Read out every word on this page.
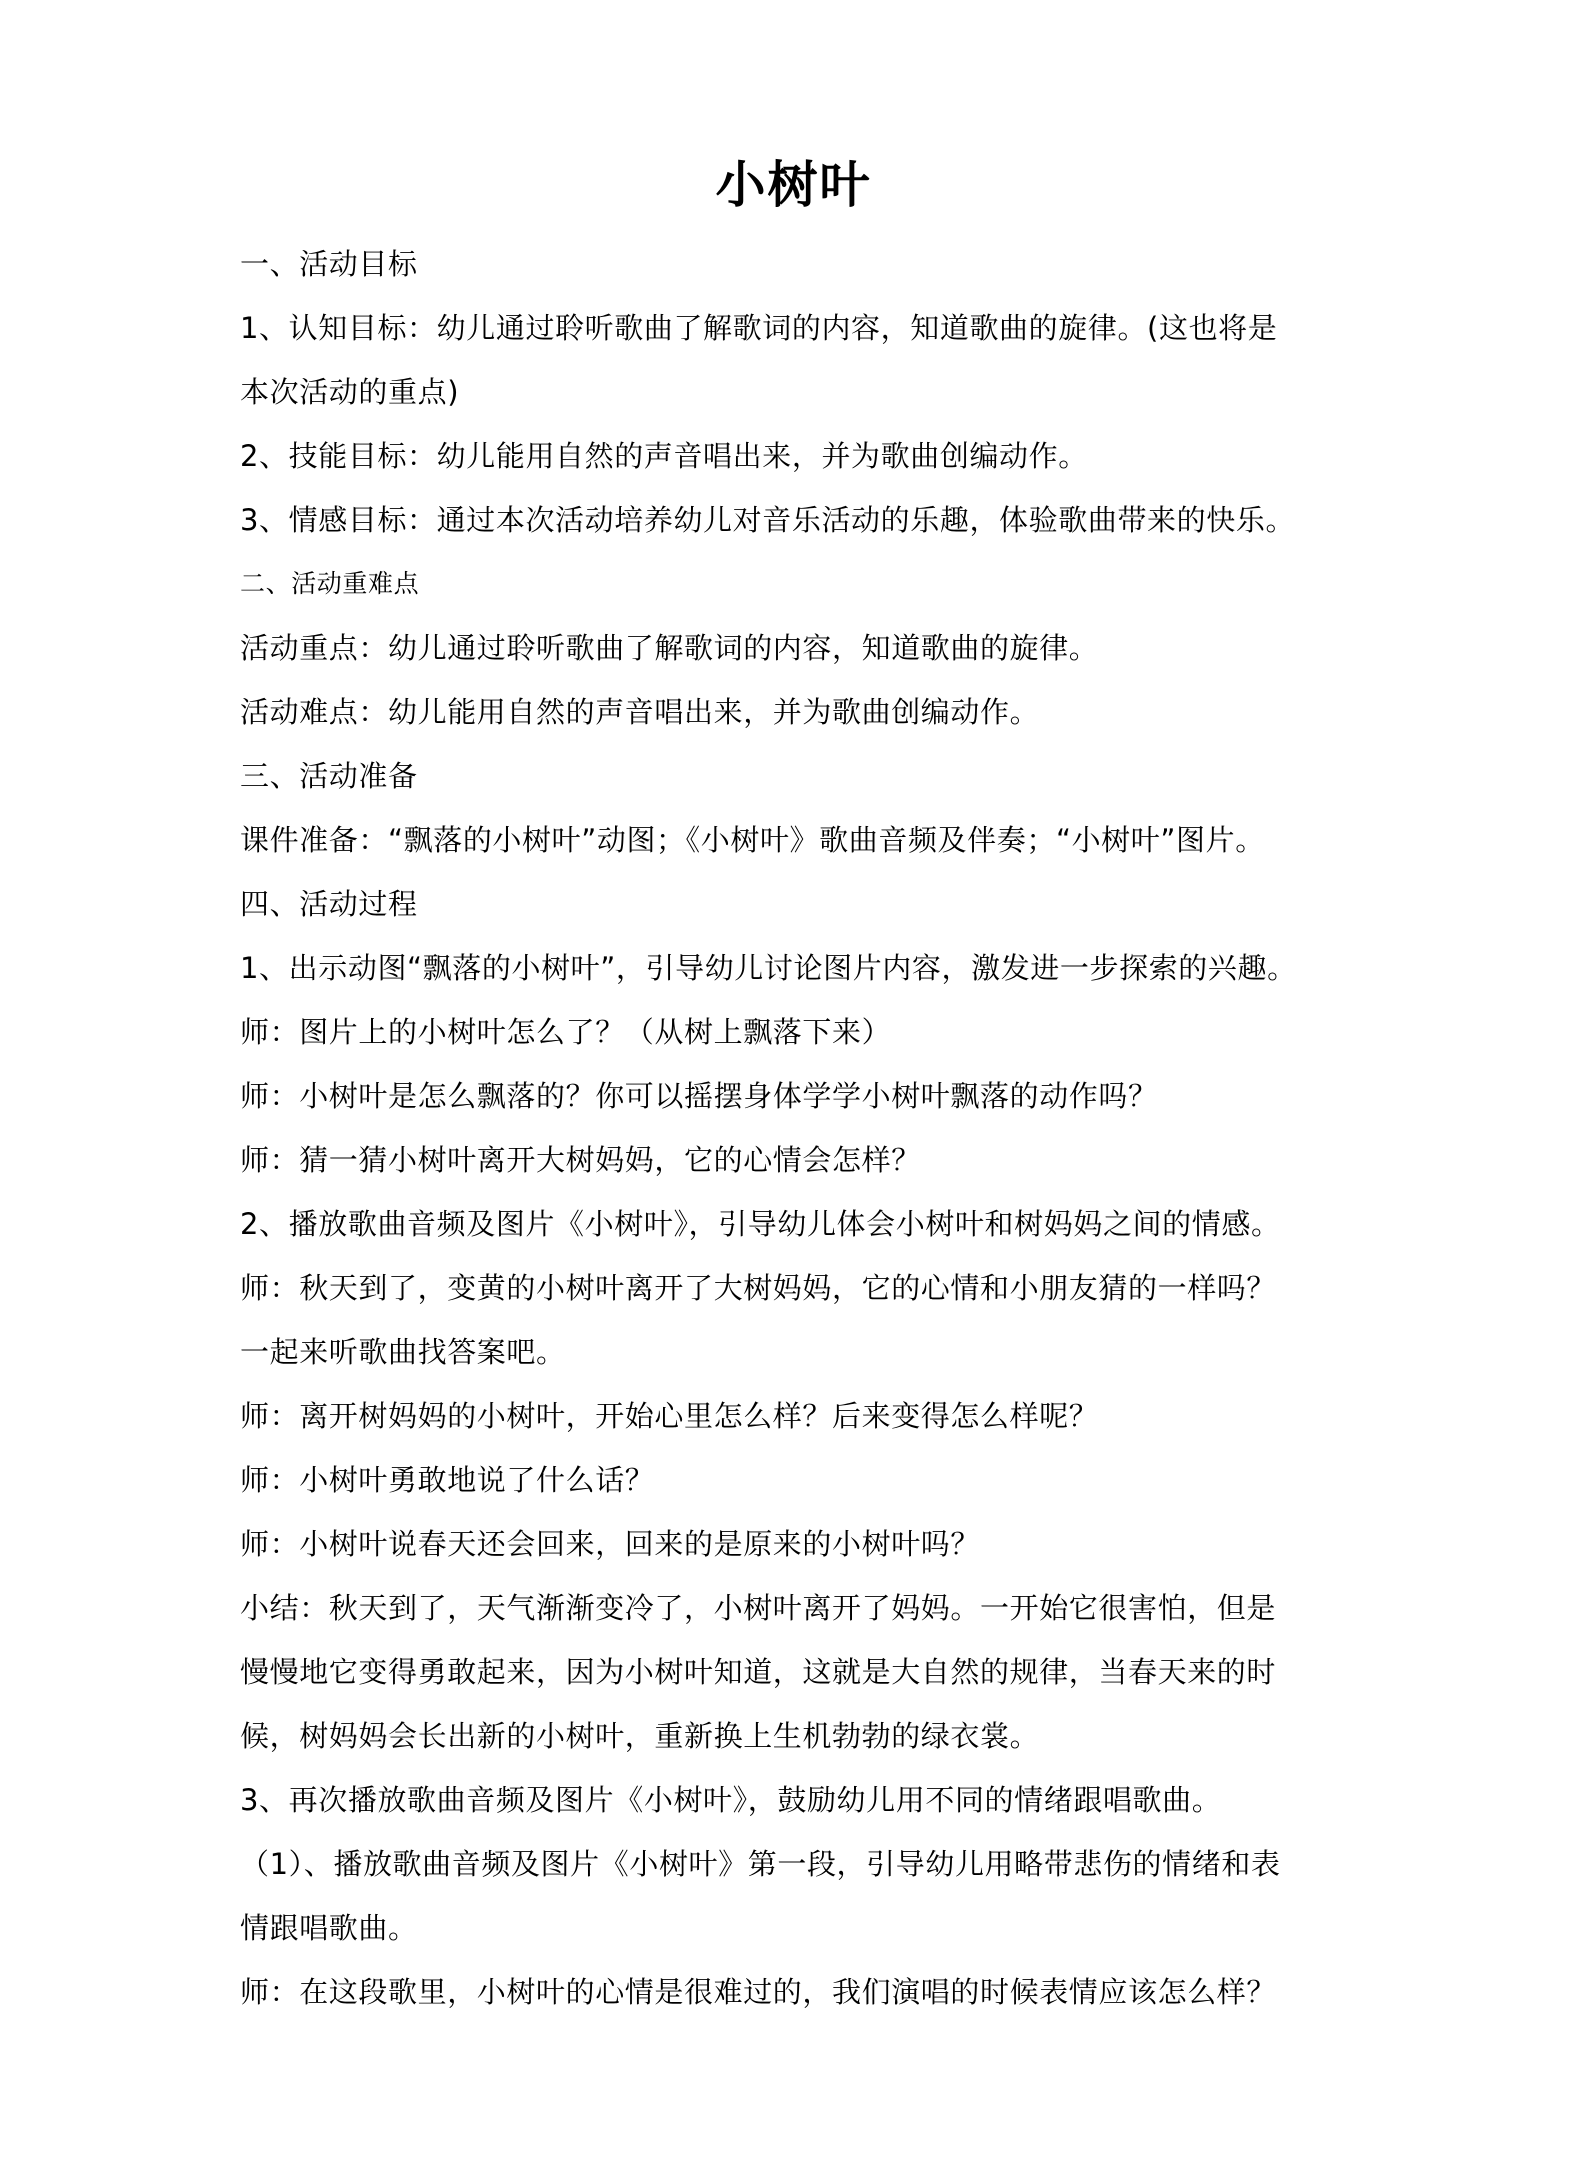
小树叶
一、活动目标
1、认知目标：幼儿通过聆听歌曲了解歌词的内容，知道歌曲的旋律。(这也将是
本次活动的重点)
2、技能目标：幼儿能用自然的声音唱出来，并为歌曲创编动作。
3、情感目标：通过本次活动培养幼儿对音乐活动的乐趣，体验歌曲带来的快乐。
二、活动重难点
活动重点：幼儿通过聆听歌曲了解歌词的内容，知道歌曲的旋律。
活动难点：幼儿能用自然的声音唱出来，并为歌曲创编动作。
三、活动准备
课件准备：“飘落的小树叶”动图；《小树叶》歌曲音频及伴奏；“小树叶”图片。
四、活动过程
1、出示动图“飘落的小树叶”，引导幼儿讨论图片内容，激发进一步探索的兴趣。
师：图片上的小树叶怎么了？（从树上飘落下来）
师：小树叶是怎么飘落的？你可以摇摆身体学学小树叶飘落的动作吗？
师：猜一猜小树叶离开大树妈妈，它的心情会怎样？
2、播放歌曲音频及图片《小树叶》，引导幼儿体会小树叶和树妈妈之间的情感。
师：秋天到了，变黄的小树叶离开了大树妈妈，它的心情和小朋友猜的一样吗？
一起来听歌曲找答案吧。
师：离开树妈妈的小树叶，开始心里怎么样？后来变得怎么样呢？
师：小树叶勇敢地说了什么话？
师：小树叶说春天还会回来，回来的是原来的小树叶吗？
小结：秋天到了，天气渐渐变冷了，小树叶离开了妈妈。一开始它很害怕，但是
慢慢地它变得勇敢起来，因为小树叶知道，这就是大自然的规律，当春天来的时
候，树妈妈会长出新的小树叶，重新换上生机勃勃的绿衣裳。
3、再次播放歌曲音频及图片《小树叶》，鼓励幼儿用不同的情绪跟唱歌曲。
（1）、播放歌曲音频及图片《小树叶》第一段，引导幼儿用略带悲伤的情绪和表
情跟唱歌曲。
师：在这段歌里，小树叶的心情是很难过的，我们演唱的时候表情应该怎么样？
